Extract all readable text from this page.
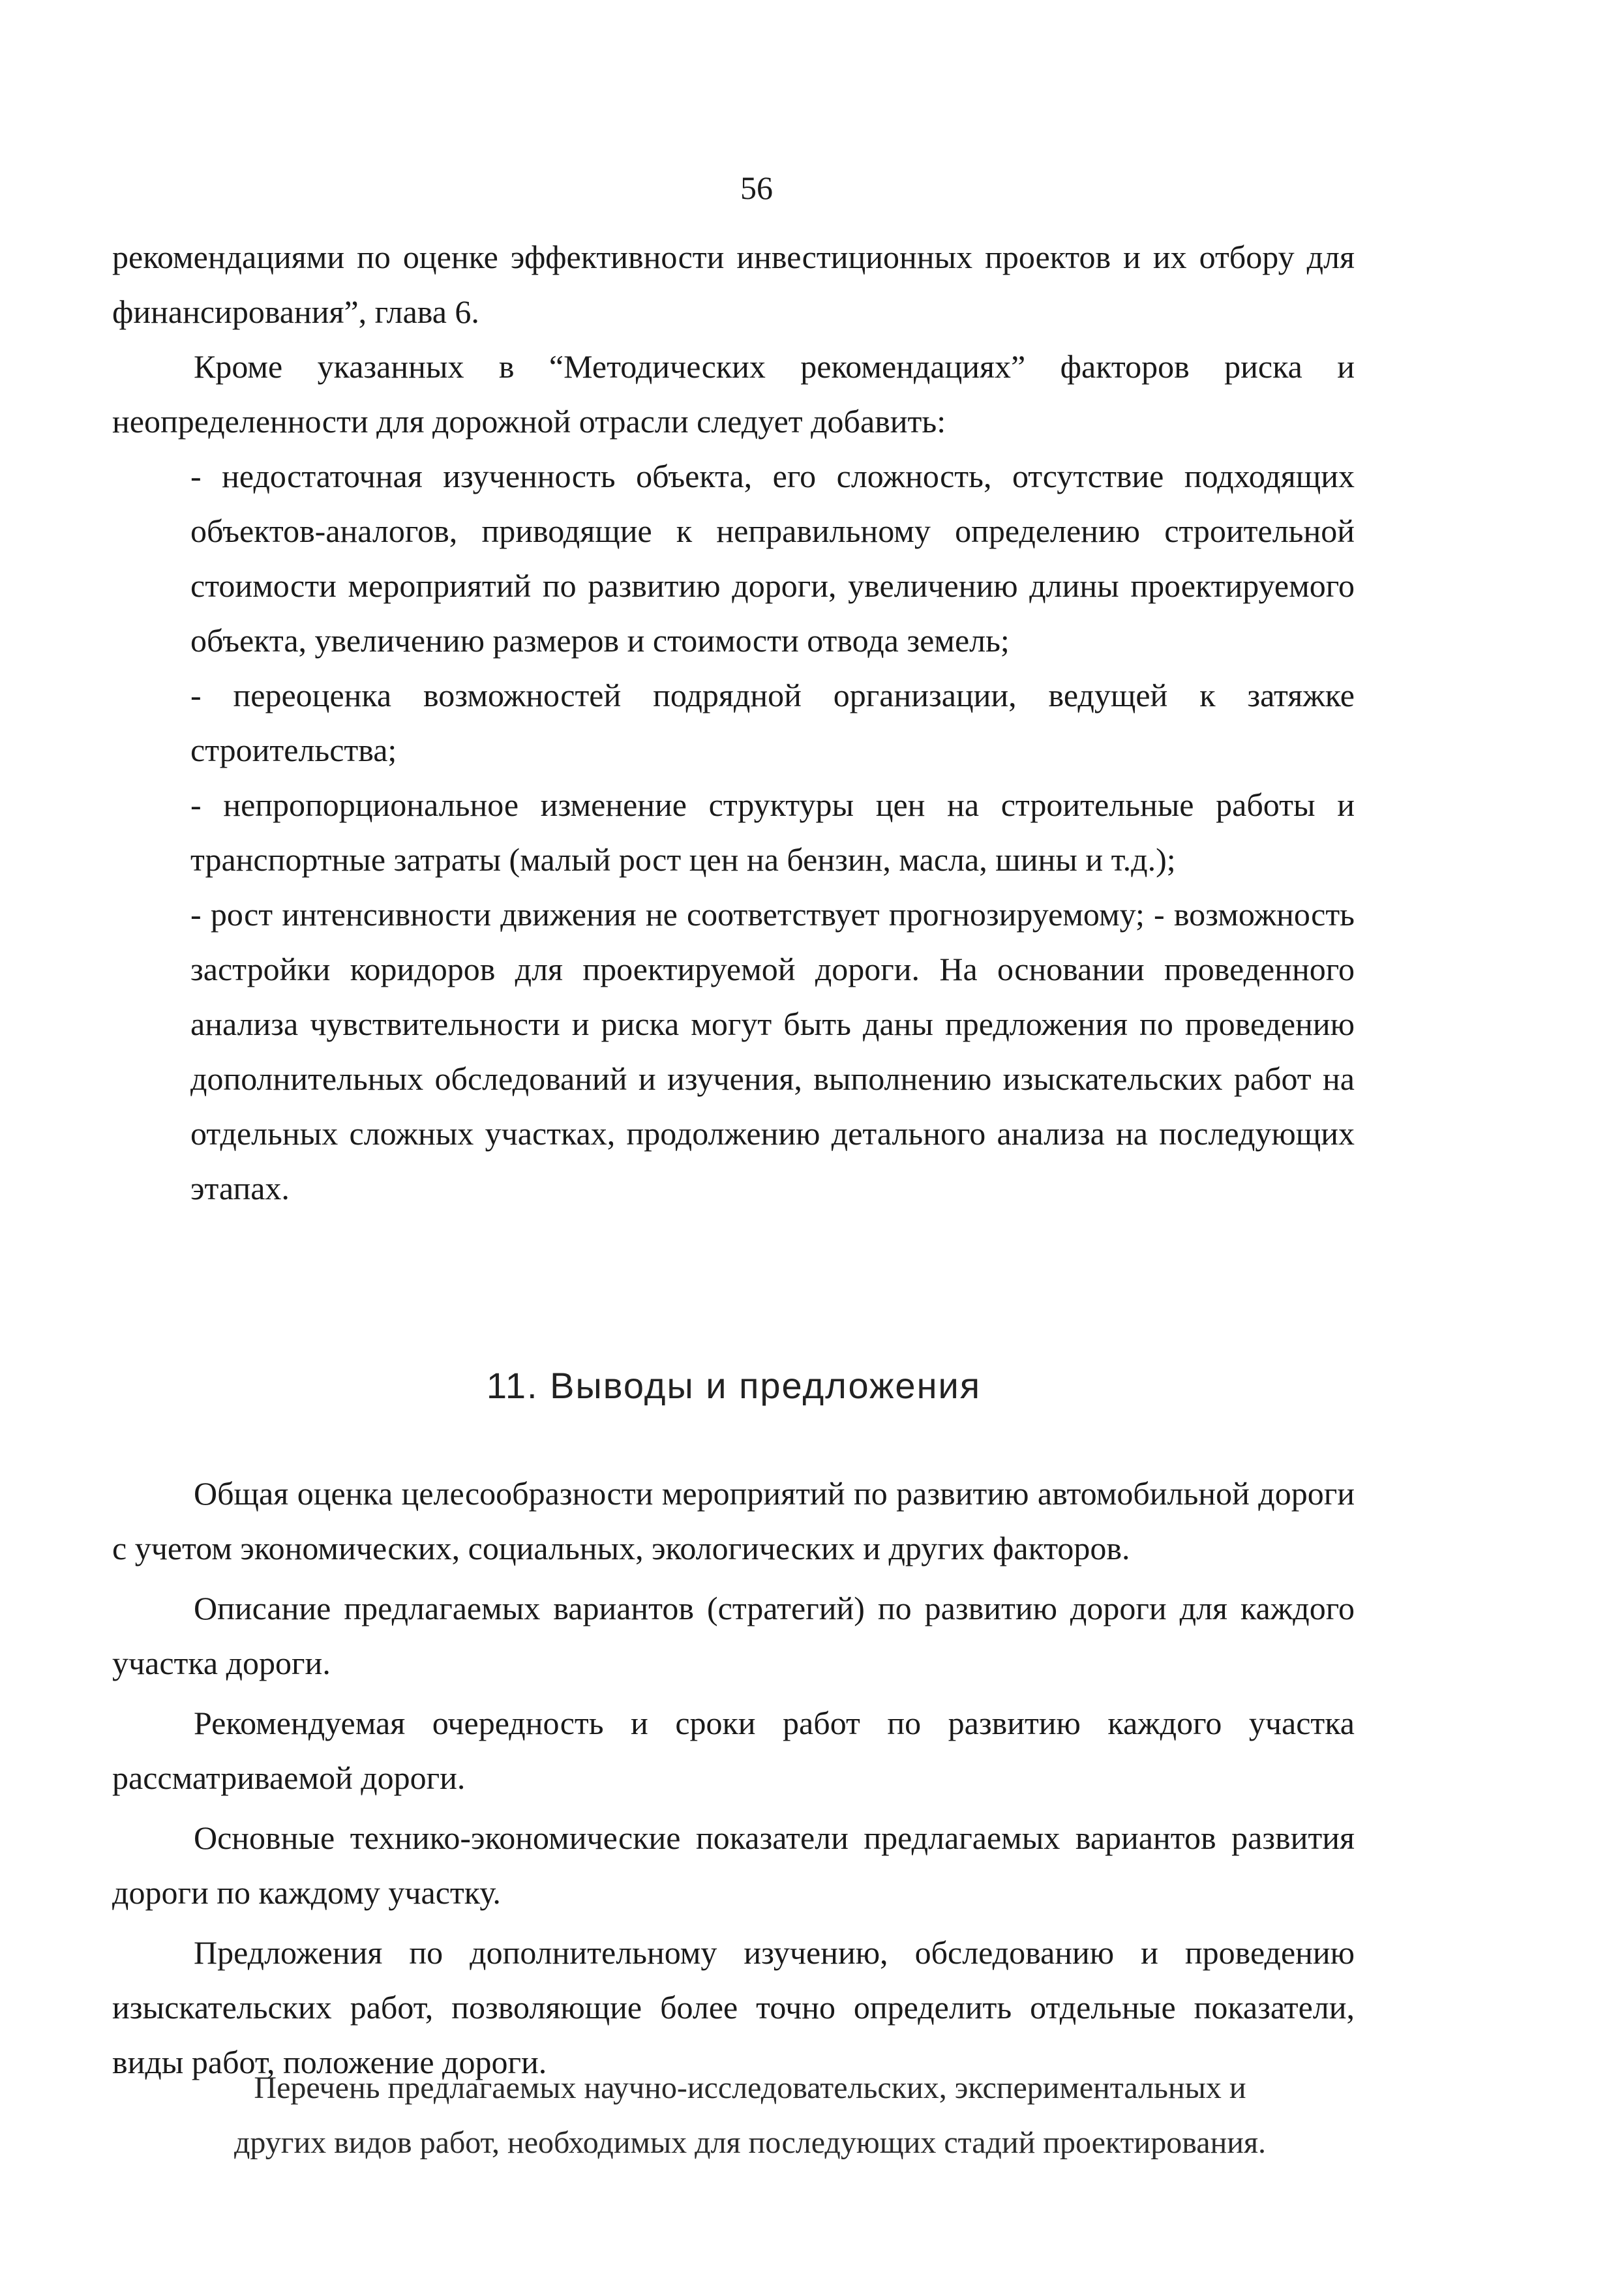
56

рекомендациями по оценке эффективности инвестиционных проектов и их отбору для финансирования”, глава 6.

Кроме указанных в “Методических рекомендациях” факторов риска и неопределенности для дорожной отрасли следует добавить:

- недостаточная изученность объекта, его сложность, отсутствие подходящих объектов-аналогов, приводящие к неправильному определению строительной стоимости мероприятий по развитию дороги, увеличению длины проектируемого объекта, увеличению размеров и стоимости отвода земель;

- переоценка возможностей подрядной организации, ведущей к затяжке строительства;

- непропорциональное изменение структуры цен на строительные работы и транспортные затраты (малый рост цен на бензин, масла, шины и т.д.);

- рост интенсивности движения не соответствует прогнозируемому; - возможность застройки коридоров для проектируемой дороги. На основании проведенного анализа чувствительности и риска могут быть даны предложения по проведению дополнительных обследований и изучения, выполнению изыскательских работ на отдельных сложных участках, продолжению детального анализа на последующих этапах.

11. Выводы и предложения

Общая оценка целесообразности мероприятий по развитию автомобильной дороги с учетом экономических, социальных, экологических и других факторов.

Описание предлагаемых вариантов (стратегий) по развитию дороги для каждого участка дороги.

Рекомендуемая очередность и сроки работ по развитию каждого участка рассматриваемой дороги.

Основные технико-экономические показатели предлагаемых вариантов развития дороги по каждому участку.

Предложения по дополнительному изучению, обследованию и проведению изыскательских работ, позволяющие более точно определить отдельные показатели, виды работ, положение дороги.

Перечень предлагаемых научно-исследовательских, экспериментальных и
других видов работ, необходимых для последующих стадий проектирования.
